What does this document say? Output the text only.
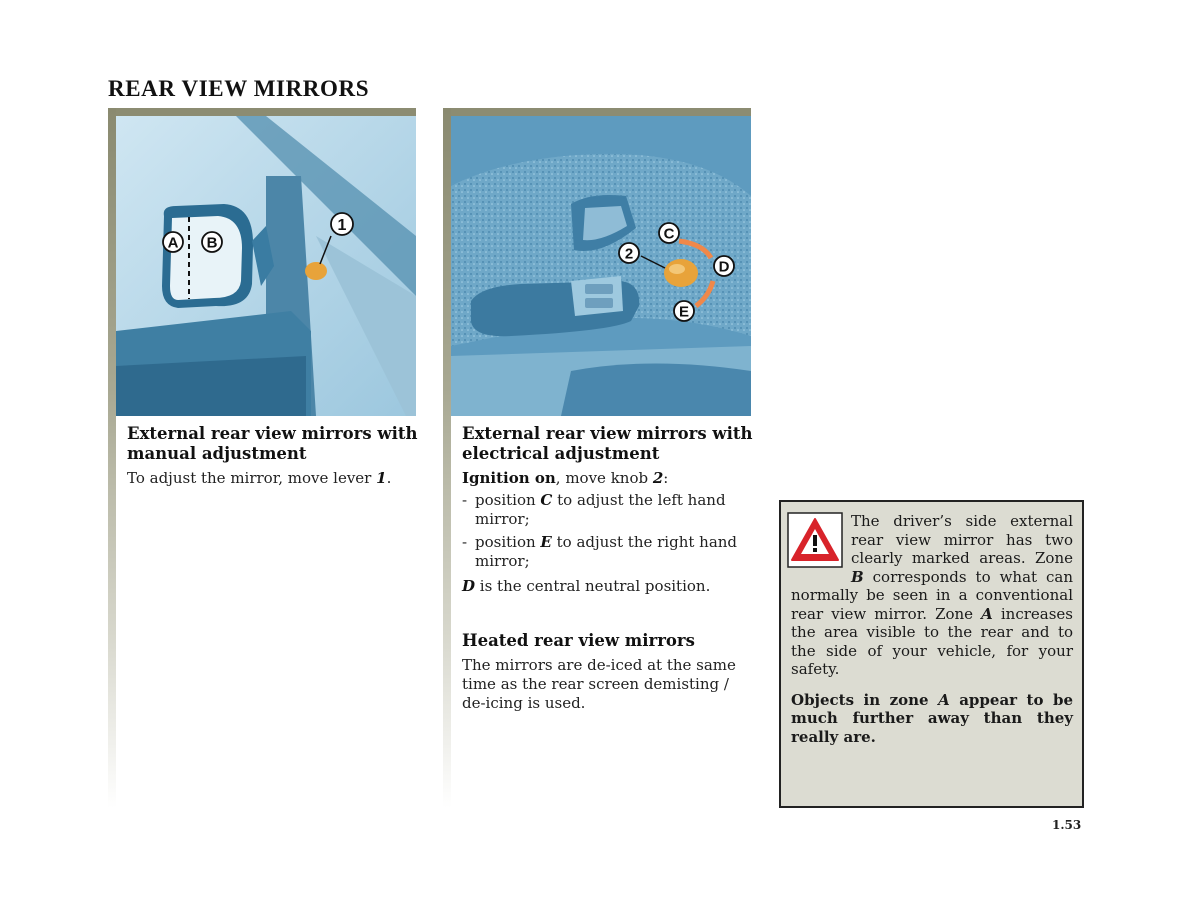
REAR VIEW MIRRORS
A B
1
External rear view mirrors with manual adjustment
To adjust the mirror, move lever 1.
C
2
D
E
External rear view mirrors with electrical adjustment
Ignition on, move knob 2:
- position C to adjust the left hand mirror;
- position E to adjust the right hand mirror;
D is the central neutral position.
Heated rear view mirrors
The mirrors are de-iced at the same time as the rear screen demisting / de-icing is used.
The driver’s side external rear view mirror has two clearly marked areas. Zone B corresponds to what can normally be seen in a conventional rear view mirror. Zone A increases the area visible to the rear and to the side of your vehicle, for your safety.
Objects in zone A appear to be much further away than they really are.
1.53
